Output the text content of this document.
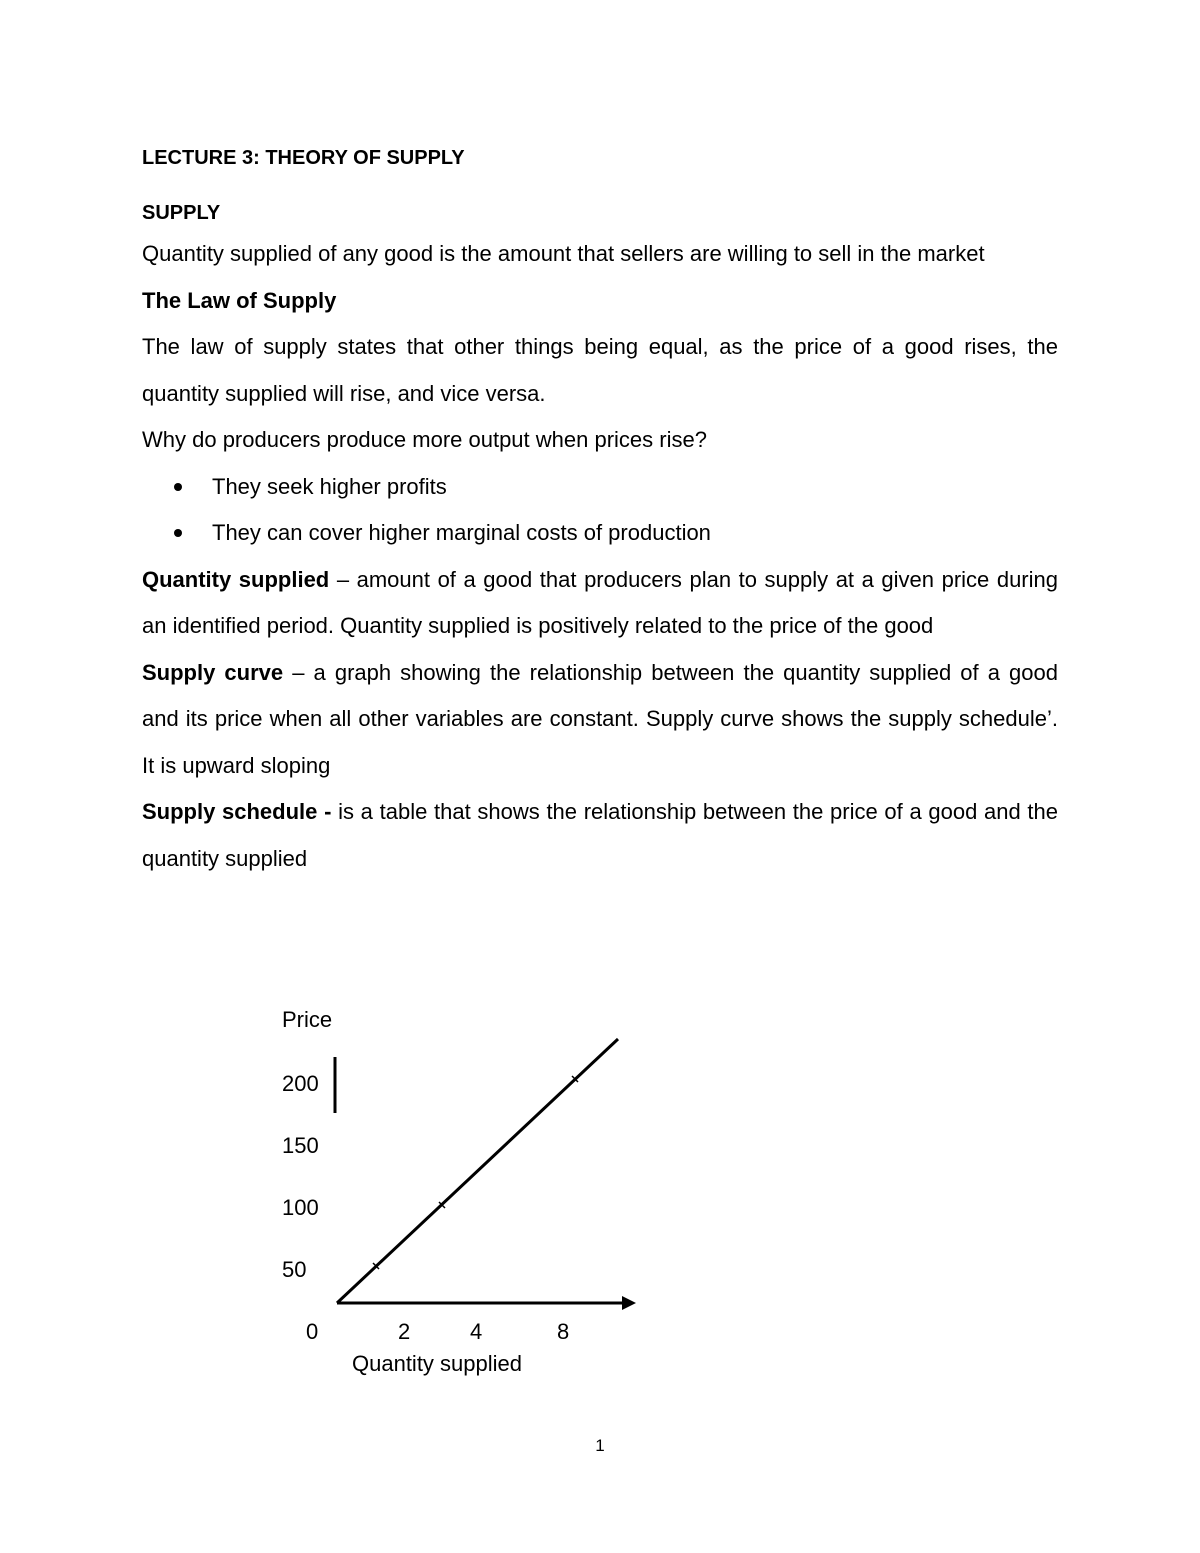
LECTURE 3: THEORY OF SUPPLY

SUPPLY

Quantity supplied of any good is the amount that sellers are willing to sell in the market

The Law of Supply

The law of supply states that other things being equal, as the price of a good rises, the quantity supplied will rise, and vice versa.

Why do producers produce more output when prices rise?

They seek higher profits
They can cover higher marginal costs of production

Quantity supplied – amount of a good that producers plan to supply at a given price during an identified period. Quantity supplied is positively related to the price of the good

Supply curve – a graph showing the relationship between the quantity supplied of a good and its price when all other variables are constant. Supply curve shows the supply schedule’. It is upward sloping

Supply schedule - is a table that shows the relationship between the price of a good and the quantity supplied

Price
200
150
100
50
0	2	4	8
Quantity supplied
1
